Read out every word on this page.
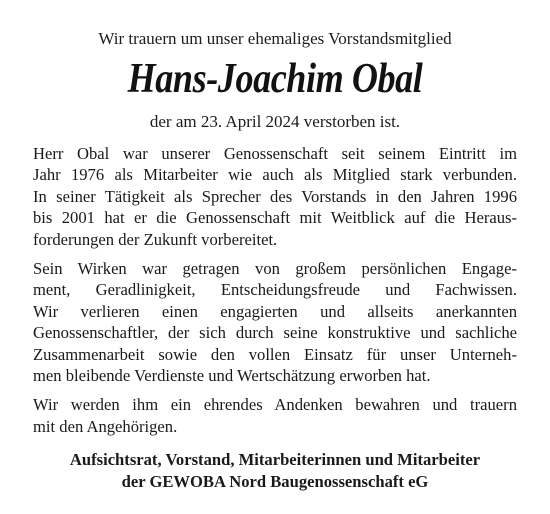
Wir trauern um unser ehemaliges Vorstandsmitglied

Hans-Joachim Obal

der am 23. April 2024 verstorben ist.

Herr Obal war unserer Genossenschaft seit seinem Eintritt im
Jahr 1976 als Mitarbeiter wie auch als Mitglied stark verbunden.
In seiner Tätigkeit als Sprecher des Vorstands in den Jahren 1996
bis 2001 hat er die Genossenschaft mit Weitblick auf die Heraus-
forderungen der Zukunft vorbereitet.

Sein Wirken war getragen von großem persönlichen Engage-
ment, Geradlinigkeit, Entscheidungsfreude und Fachwissen.
Wir verlieren einen engagierten und allseits anerkannten
Genossenschaftler, der sich durch seine konstruktive und sachliche
Zusammenarbeit sowie den vollen Einsatz für unser Unterneh-
men bleibende Verdienste und Wertschätzung erworben hat.

Wir werden ihm ein ehrendes Andenken bewahren und trauern
mit den Angehörigen.

Aufsichtsrat, Vorstand, Mitarbeiterinnen und Mitarbeiter
der GEWOBA Nord Baugenossenschaft eG
